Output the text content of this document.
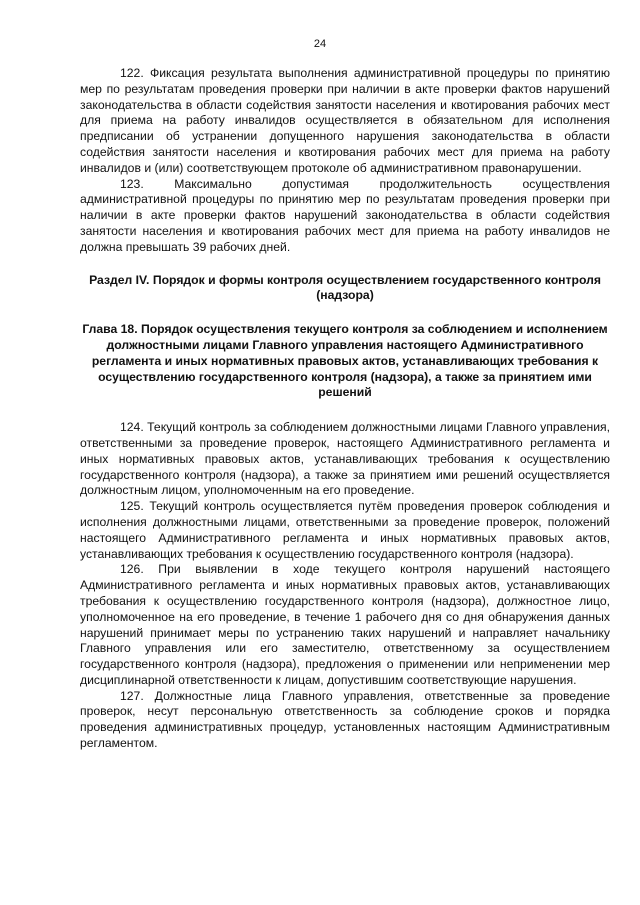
24

122. Фиксация результата выполнения административной процедуры по принятию мер по результатам проведения проверки при наличии в акте проверки фактов нарушений законодательства в области содействия занятости населения и квотирования рабочих мест для приема на работу инвалидов осуществляется в обязательном для исполнения предписании об устранении допущенного нарушения законодательства в области содействия занятости населения и квотирования рабочих мест для приема на работу инвалидов и (или) соответствующем протоколе об административном правонарушении.

123. Максимально допустимая продолжительность осуществления административной процедуры по принятию мер по результатам проведения проверки при наличии в акте проверки фактов нарушений законодательства в области содействия занятости населения и квотирования рабочих мест для приема на работу инвалидов не должна превышать 39 рабочих дней.

Раздел IV. Порядок и формы контроля осуществлением государственного контроля (надзора)
Глава 18. Порядок осуществления текущего контроля за соблюдением и исполнением должностными лицами Главного управления настоящего Административного регламента и иных нормативных правовых актов, устанавливающих требования к осуществлению государственного контроля (надзора), а также за принятием ими решений

124. Текущий контроль за соблюдением должностными лицами Главного управления, ответственными за проведение проверок, настоящего Административного регламента и иных нормативных правовых актов, устанавливающих требования к осуществлению государственного контроля (надзора), а также за принятием ими решений осуществляется должностным лицом, уполномоченным на его проведение.

125. Текущий контроль осуществляется путём проведения проверок соблюдения и исполнения должностными лицами, ответственными за проведение проверок, положений настоящего Административного регламента и иных нормативных правовых актов, устанавливающих требования к осуществлению государственного контроля (надзора).

126. При выявлении в ходе текущего контроля нарушений настоящего Административного регламента и иных нормативных правовых актов, устанавливающих требования к осуществлению государственного контроля (надзора), должностное лицо, уполномоченное на его проведение, в течение 1 рабочего дня со дня обнаружения данных нарушений принимает меры по устранению таких нарушений и направляет начальнику Главного управления или его заместителю, ответственному за осуществлением государственного контроля (надзора), предложения о применении или неприменении мер дисциплинарной ответственности к лицам, допустившим соответствующие нарушения.

127. Должностные лица Главного управления, ответственные за проведение проверок, несут персональную ответственность за соблюдение сроков и порядка проведения административных процедур, установленных настоящим Административным регламентом.
